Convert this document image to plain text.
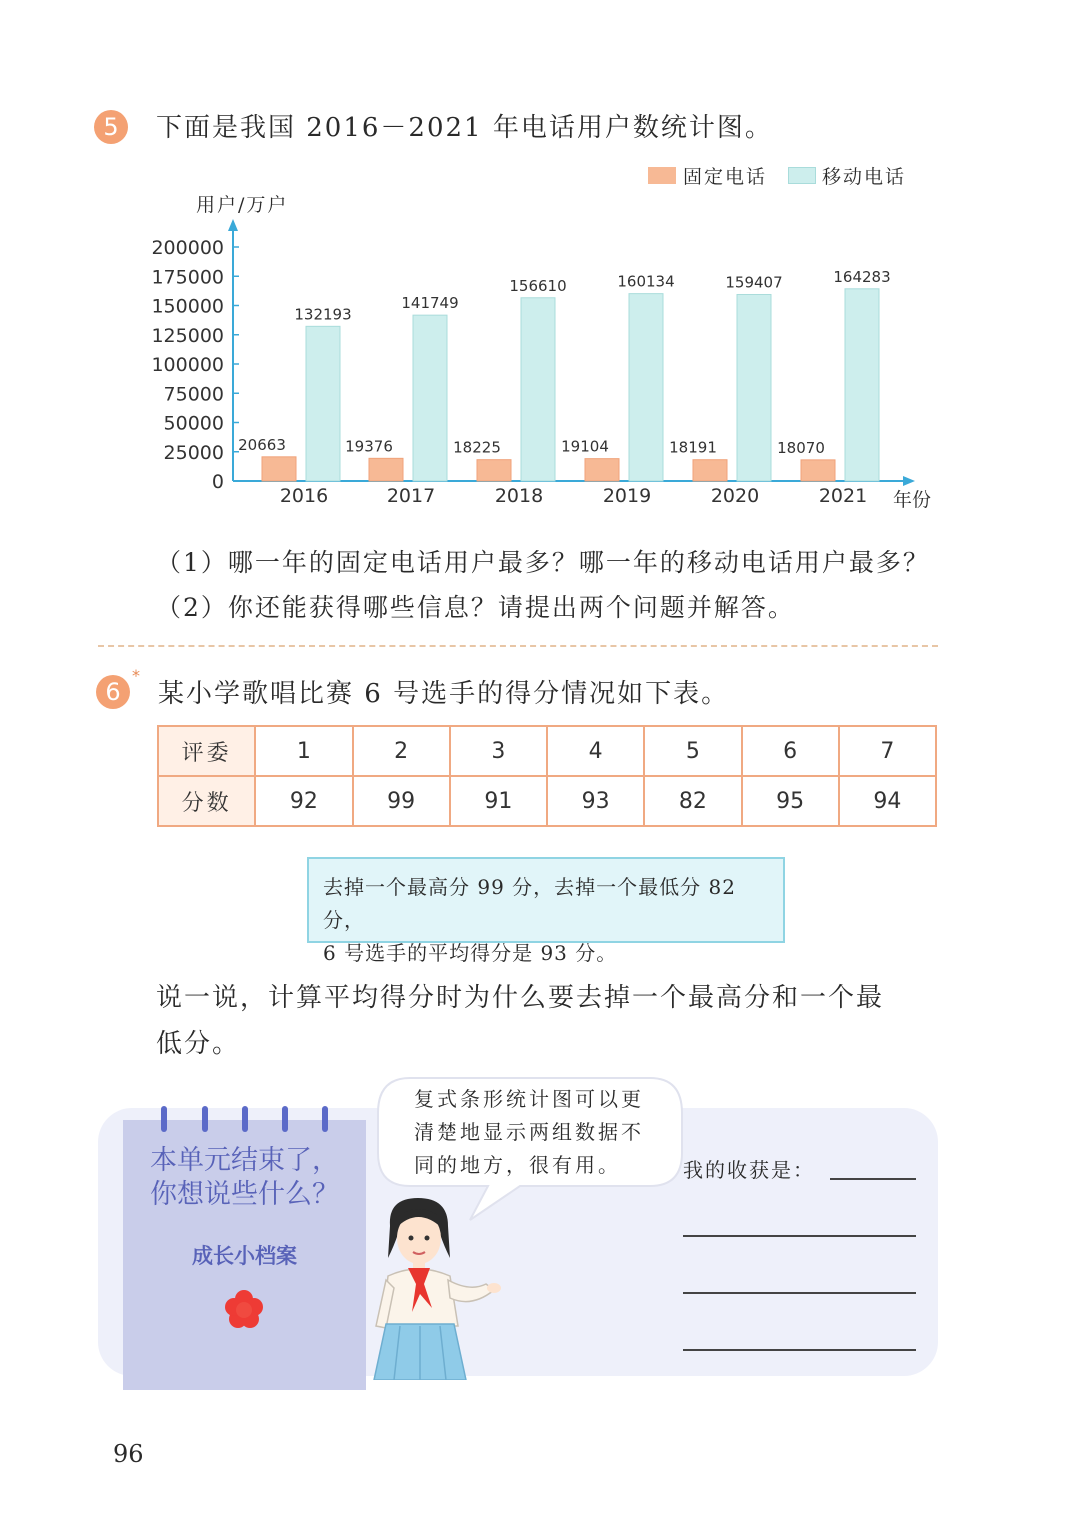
5	下面是我国 2016－2021 年电话用户数统计图。
固定电话	移动电话
用户/万户
年份
0
25000
50000
75000
100000
125000
150000
175000
200000
20663
132193
2016
19376
141749
2017
18225
156610
2018
19104
160134
2019
18191
159407
2020
18070
164283
2021
（1）哪一年的固定电话用户最多？哪一年的移动电话用户最多？
（2）你还能获得哪些信息？请提出两个问题并解答。
6
*
某小学歌唱比赛 6 号选手的得分情况如下表。
评委	1	2	3	4	5	6	7
分数	92	99	91	93	82	95	94
去掉一个最高分 99 分，去掉一个最低分 82 分，
6 号选手的平均得分是 93 分。
说一说，计算平均得分时为什么要去掉一个最高分和一个最
低分。
本单元结束了，
你想说些什么？
成长小档案
复式条形统计图可以更
清楚地显示两组数据不
同的地方，很有用。	我的收获是：
96
